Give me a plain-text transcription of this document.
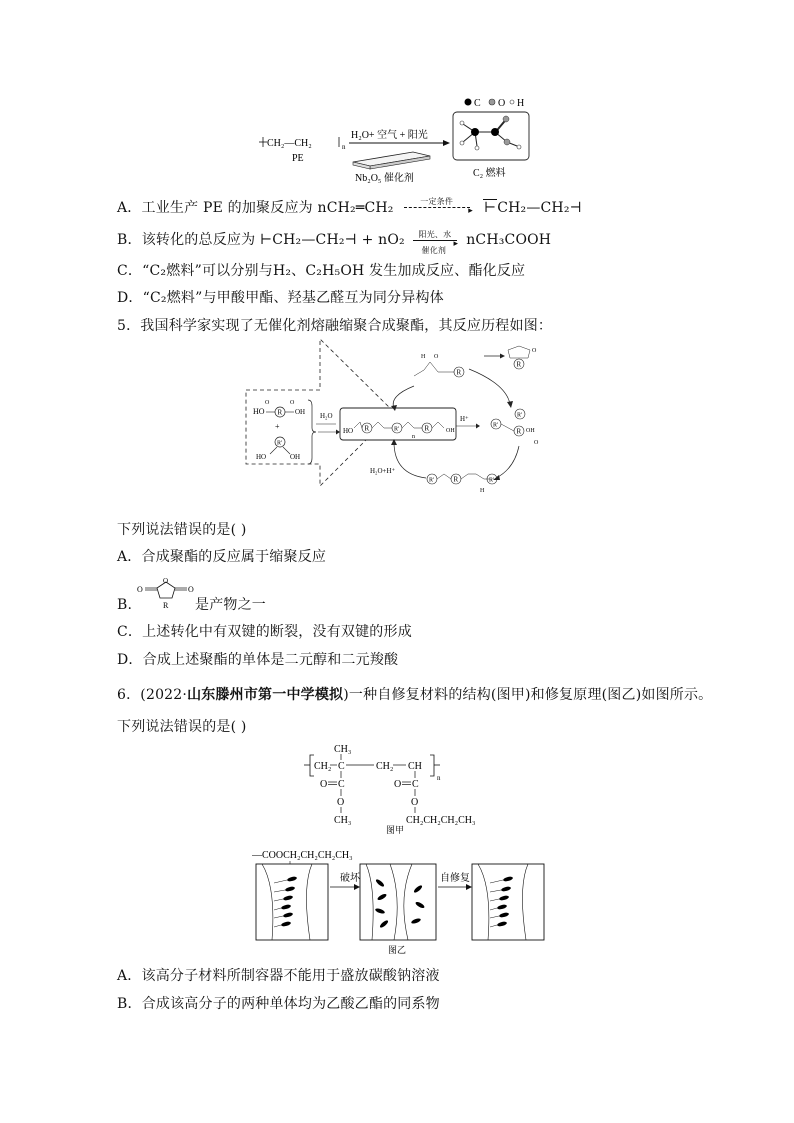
C O H
CH₂—CH₂	n
PE
H₂O+ 空气 + 阳光
Nb₂O₅ 催化剂	C₂ 燃料
A．工业生产 PE 的加聚反应为 nCH₂═CH₂	一定条件
▸ ⊢CH₂—CH₂⊣
B．该转化的总反应为 ⊢CH₂—CH₂⊣ + nO₂ 阳光、水
▸
催化剂
nCH₃COOH
C．“C₂燃料”可以分别与H₂、C₂H₅OH 发生加成反应、酯化反应
D．“C₂燃料”与甲酸甲酯、羟基乙醛互为同分异构体
5．我国科学家实现了无催化剂熔融缩聚合成聚酯，其反应历程如图：
HO R OH
O	O
+
R'
HO	OH
H₂O
HO R	R'	R	OH
n
H⁺
R'
R'
R OH
O
H
R
O
R
O
R'	R	R'
H
H₂O+H⁺
下列说法错误的是( )
A．合成聚酯的反应属于缩聚反应
B.
O	O
O
R 是产物之一
C．上述转化中有双键的断裂，没有双键的形成
D．合成上述聚酯的单体是二元醇和二元羧酸
6．(2022·山东滕州市第一中学模拟)一种自修复材料的结构(图甲)和修复原理(图乙)如图所示。
下列说法错误的是( )
n
CH₃
CH₂ C	CH₂ CH
O C
O
CH₃
O C
O
CH₂CH₂CH₂CH₃
图甲
—COOCH₂CH₂CH₂CH₃
破坏	自修复
图乙
A．该高分子材料所制容器不能用于盛放碳酸钠溶液
B．合成该高分子的两种单体均为乙酸乙酯的同系物
